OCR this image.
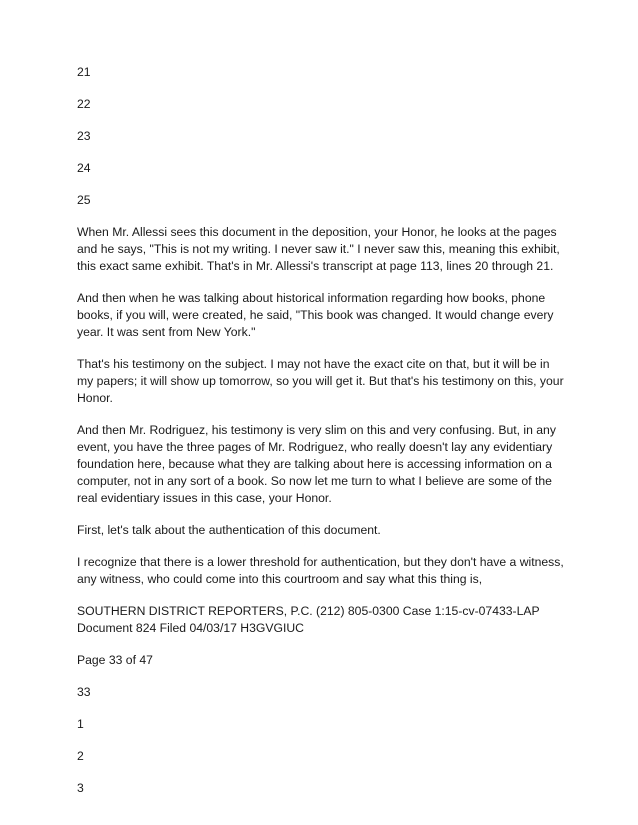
21

22

23

24

25

When Mr. Allessi sees this document in the deposition, your Honor, he looks at the pages and he says, "This is not my writing. I never saw it." I never saw this, meaning this exhibit, this exact same exhibit. That's in Mr. Allessi's transcript at page 113, lines 20 through 21.

And then when he was talking about historical information regarding how books, phone books, if you will, were created, he said, "This book was changed. It would change every year. It was sent from New York."

That's his testimony on the subject. I may not have the exact cite on that, but it will be in my papers; it will show up tomorrow, so you will get it. But that's his testimony on this, your Honor.

And then Mr. Rodriguez, his testimony is very slim on this and very confusing. But, in any event, you have the three pages of Mr. Rodriguez, who really doesn't lay any evidentiary foundation here, because what they are talking about here is accessing information on a computer, not in any sort of a book. So now let me turn to what I believe are some of the real evidentiary issues in this case, your Honor.

First, let's talk about the authentication of this document.

I recognize that there is a lower threshold for authentication, but they don't have a witness, any witness, who could come into this courtroom and say what this thing is,

SOUTHERN DISTRICT REPORTERS, P.C. (212) 805-0300 Case 1:15-cv-07433-LAP Document 824 Filed 04/03/17 H3GVGIUC

Page 33 of 47

33

1

2

3
